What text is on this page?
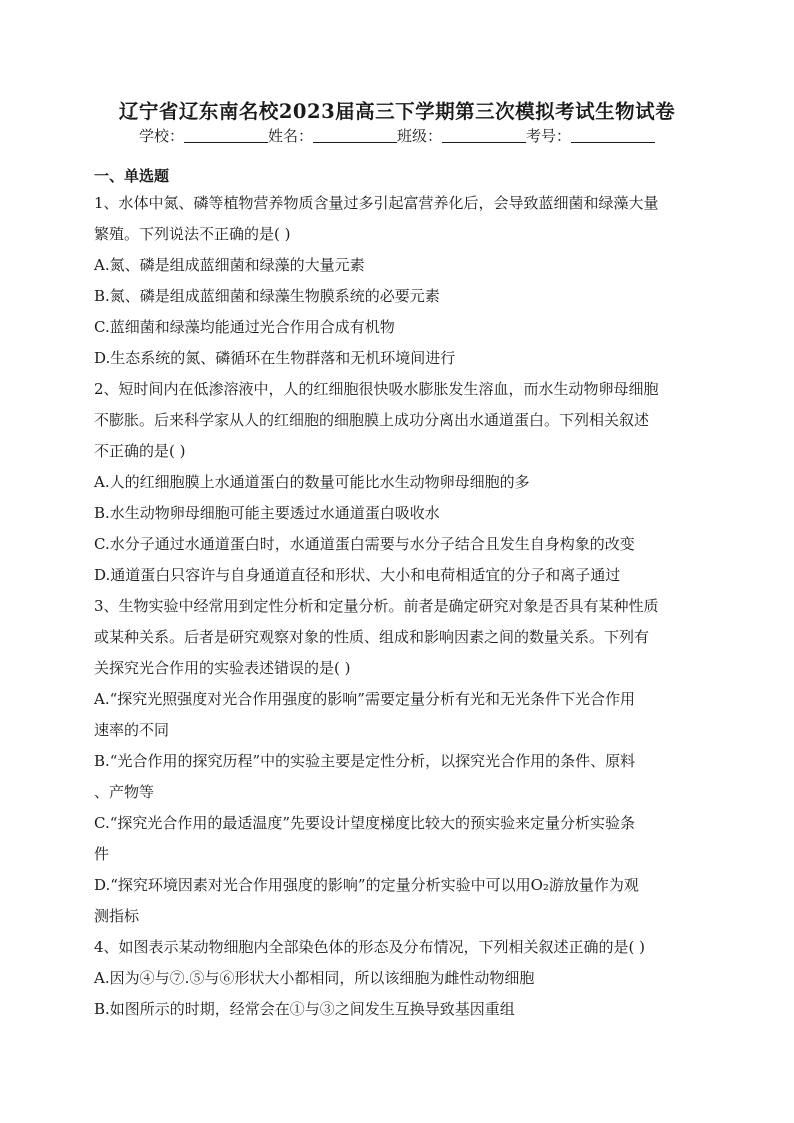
辽宁省辽东南名校2023届高三下学期第三次模拟考试生物试卷
学校：	姓名：	班级：	考号：
一、单选题
1、水体中氮、磷等植物营养物质含量过多引起富营养化后，会导致蓝细菌和绿藻大量
繁殖。下列说法不正确的是( )
A.氮、磷是组成蓝细菌和绿藻的大量元素
B.氮、磷是组成蓝细菌和绿藻生物膜系统的必要元素
C.蓝细菌和绿藻均能通过光合作用合成有机物
D.生态系统的氮、磷循环在生物群落和无机环境间进行
2、短时间内在低渗溶液中，人的红细胞很快吸水膨胀发生溶血，而水生动物卵母细胞
不膨胀。后来科学家从人的红细胞的细胞膜上成功分离出水通道蛋白。下列相关叙述
不正确的是( )
A.人的红细胞膜上水通道蛋白的数量可能比水生动物卵母细胞的多
B.水生动物卵母细胞可能主要透过水通道蛋白吸收水
C.水分子通过水通道蛋白时，水通道蛋白需要与水分子结合且发生自身构象的改变
D.通道蛋白只容许与自身通道直径和形状、大小和电荷相适宜的分子和离子通过
3、生物实验中经常用到定性分析和定量分析。前者是确定研究对象是否具有某种性质
或某种关系。后者是研究观察对象的性质、组成和影响因素之间的数量关系。下列有
关探究光合作用的实验表述错误的是( )
A.“探究光照强度对光合作用强度的影响”需要定量分析有光和无光条件下光合作用
速率的不同
B.“光合作用的探究历程”中的实验主要是定性分析，以探究光合作用的条件、原料
、产物等
C.“探究光合作用的最适温度”先要设计望度梯度比较大的预实验来定量分析实验条
件
D.“探究环境因素对光合作用强度的影响”的定量分析实验中可以用O₂游放量作为观
测指标
4、如图表示某动物细胞内全部染色体的形态及分布情况，下列相关叙述正确的是( )
A.因为④与⑦.⑤与⑥形状大小都相同，所以该细胞为雌性动物细胞
B.如图所示的时期，经常会在①与③之间发生互换导致基因重组
